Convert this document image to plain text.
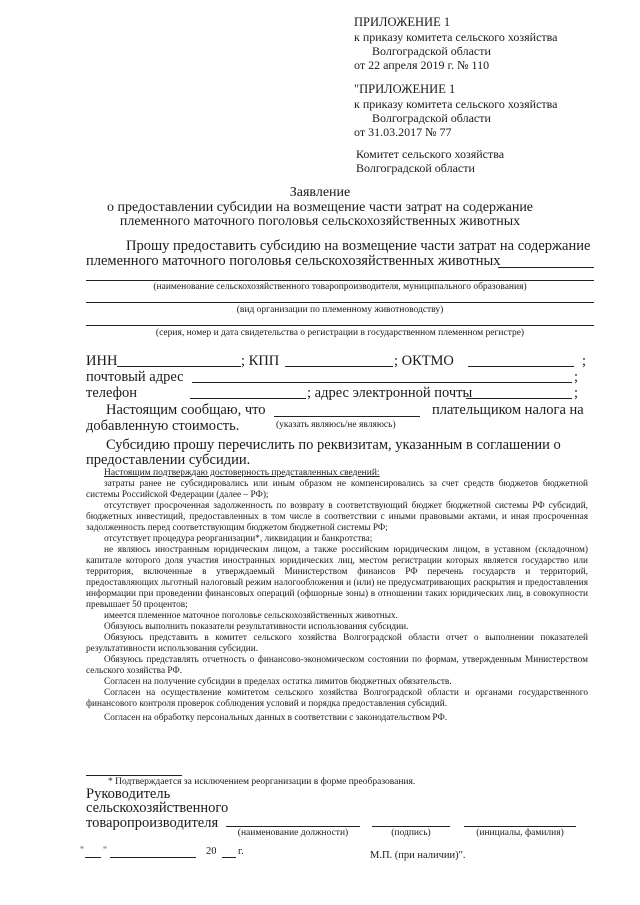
ПРИЛОЖЕНИЕ 1
к приказу комитета сельского хозяйства
Волгоградской области
от 22 апреля 2019 г. № 110
"ПРИЛОЖЕНИЕ 1
к приказу комитета сельского хозяйства
Волгоградской области
от 31.03.2017 № 77
Комитет сельского хозяйства
Волгоградской области
Заявление
о предоставлении субсидии на возмещение части затрат на содержание
племенного маточного поголовья сельскохозяйственных животных
Прошу предоставить субсидию на возмещение части затрат на содержание
племенного маточного поголовья сельскохозяйственных животных
(наименование сельскохозяйственного товаропроизводителя, муниципального образования)
(вид организации по племенному животноводству)
(серия, номер и дата свидетельства о регистрации в государственном племенном регистре)
ИНН	; КПП	; ОКТМО	;
почтовый адрес	;
телефон	; адрес электронной почты	;
Настоящим сообщаю, что	плательщиком налога на
добавленную стоимость.	(указать являюсь/не являюсь)
Субсидию прошу перечислить по реквизитам, указанным в соглашении о
предоставлении субсидии.
Настоящим подтверждаю достоверность представленных сведений:
затраты ранее не субсидировались или иным образом не компенсировались за счет средств бюджетов бюджетной системы Российской Федерации (далее – РФ);
отсутствует просроченная задолженность по возврату в соответствующий бюджет бюджетной системы РФ субсидий, бюджетных инвестиций, предоставленных в том числе в соответствии с иными правовыми актами, и иная просроченная задолженность перед соответствующим бюджетом бюджетной системы РФ;
отсутствует процедура реорганизации*, ликвидации и банкротства;
не являюсь иностранным юридическим лицом, а также российским юридическим лицом, в уставном (складочном) капитале которого доля участия иностранных юридических лиц, местом регистрации которых является государство или территория, включенные в утверждаемый Министерством финансов РФ перечень государств и территорий, предоставляющих льготный налоговый режим налогообложения и (или) не предусматривающих раскрытия и предоставления информации при проведении финансовых операций (офшорные зоны) в отношении таких юридических лиц, в совокупности превышает 50 процентов;
имеется племенное маточное поголовье сельскохозяйственных животных.
Обязуюсь выполнить показатели результативности использования субсидии.
Обязуюсь представить в комитет сельского хозяйства Волгоградской области отчет о выполнении показателей результативности использования субсидии.
Обязуюсь представлять отчетность о финансово-экономическом состоянии по формам, утвержденным Министерством сельского хозяйства РФ.
Согласен на получение субсидии в пределах остатка лимитов бюджетных обязательств.
Согласен на осуществление комитетом сельского хозяйства Волгоградской области и органами государственного финансового контроля проверок соблюдения условий и порядка предоставления субсидий.
Согласен на обработку персональных данных в соответствии с законодательством РФ.
* Подтверждается за исключением реорганизации в форме преобразования.
Руководитель
сельскохозяйственного
товаропроизводителя
(наименование должности)	(подпись)	(инициалы, фамилия)
" "	20 г.	М.П. (при наличии)".
